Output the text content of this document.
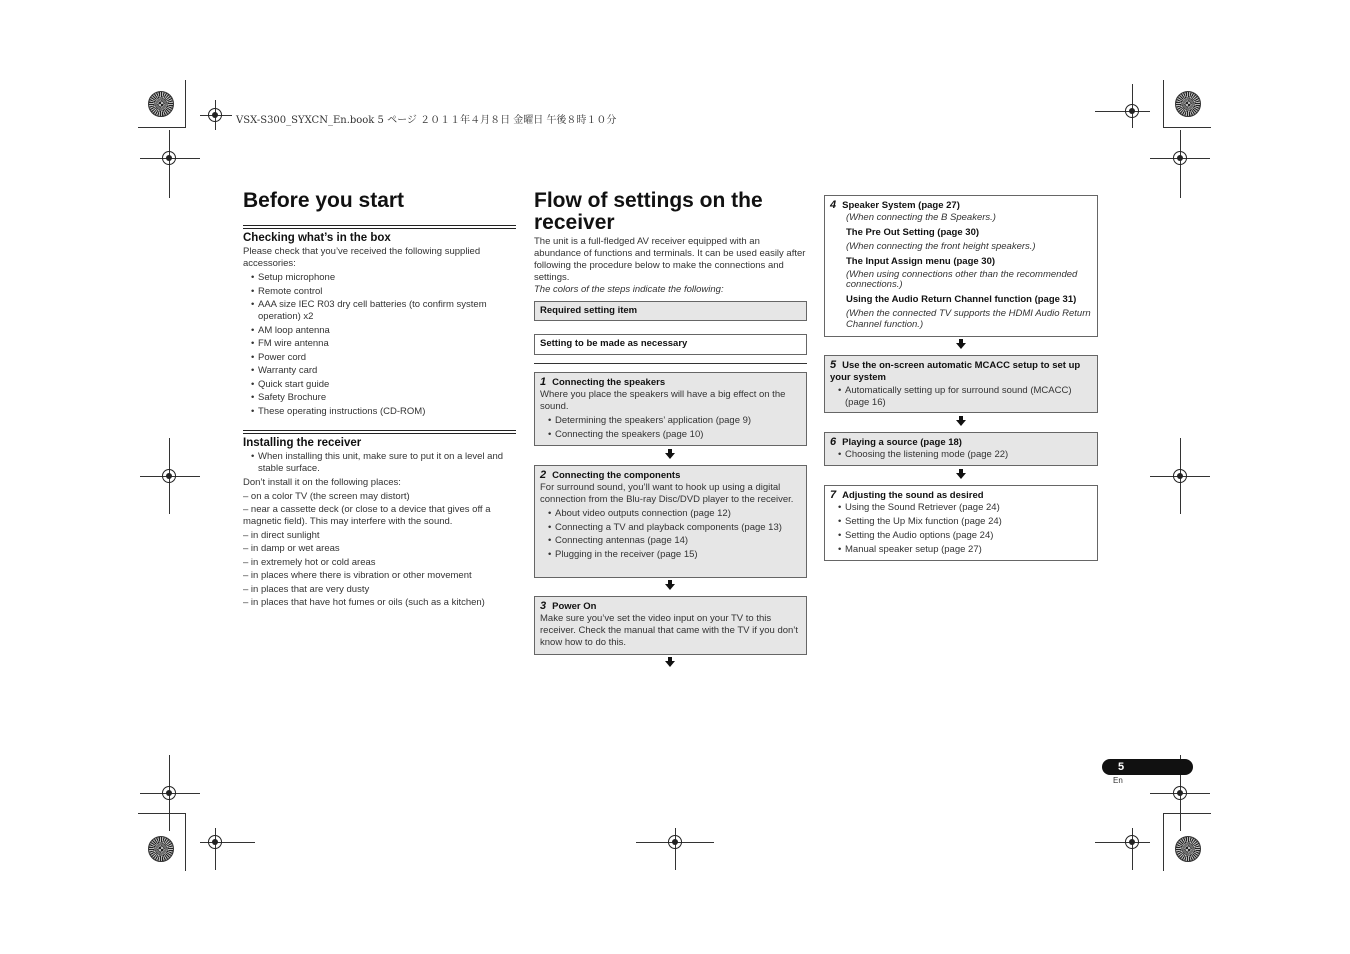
VSX-S300_SYXCN_En.book 5 ページ ２０１１年４月８日 金曜日 午後８時１０分
Before you start
Checking what’s in the box
Please check that you’ve received the following supplied accessories:
• Setup microphone
• Remote control
• AAA size IEC R03 dry cell batteries (to confirm system operation) x2
• AM loop antenna
• FM wire antenna
• Power cord
• Warranty card
• Quick start guide
• Safety Brochure
• These operating instructions (CD-ROM)
Installing the receiver
• When installing this unit, make sure to put it on a level and stable surface.
Don’t install it on the following places:
– on a color TV (the screen may distort)
– near a cassette deck (or close to a device that gives off a magnetic field). This may interfere with the sound.
– in direct sunlight
– in damp or wet areas
– in extremely hot or cold areas
– in places where there is vibration or other movement
– in places that are very dusty
– in places that have hot fumes or oils (such as a kitchen)
Flow of settings on the
receiver
The unit is a full-fledged AV receiver equipped with an abundance of functions and terminals. It can be used easily after following the procedure below to make the connections and settings.
The colors of the steps indicate the following:
Required setting item
Setting to be made as necessary
1 Connecting the speakers
Where you place the speakers will have a big effect on the sound.
• Determining the speakers’ application (page 9)
• Connecting the speakers (page 10)
2 Connecting the components
For surround sound, you’ll want to hook up using a digital connection from the Blu-ray Disc/DVD player to the receiver.
• About video outputs connection (page 12)
• Connecting a TV and playback components (page 13)
• Connecting antennas (page 14)
• Plugging in the receiver (page 15)
3 Power On
Make sure you’ve set the video input on your TV to this receiver. Check the manual that came with the TV if you don’t know how to do this.
4 Speaker System (page 27)
(When connecting the B Speakers.)
The Pre Out Setting (page 30)
(When connecting the front height speakers.)
The Input Assign menu (page 30)
(When using connections other than the recommended connections.)
Using the Audio Return Channel function (page 31)
(When the connected TV supports the HDMI Audio Return Channel function.)
5 Use the on-screen automatic MCACC setup to set up your system
• Automatically setting up for surround sound (MCACC) (page 16)
6 Playing a source (page 18)
• Choosing the listening mode (page 22)
7 Adjusting the sound as desired
• Using the Sound Retriever (page 24)
• Setting the Up Mix function (page 24)
• Setting the Audio options (page 24)
• Manual speaker setup (page 27)
5
En
